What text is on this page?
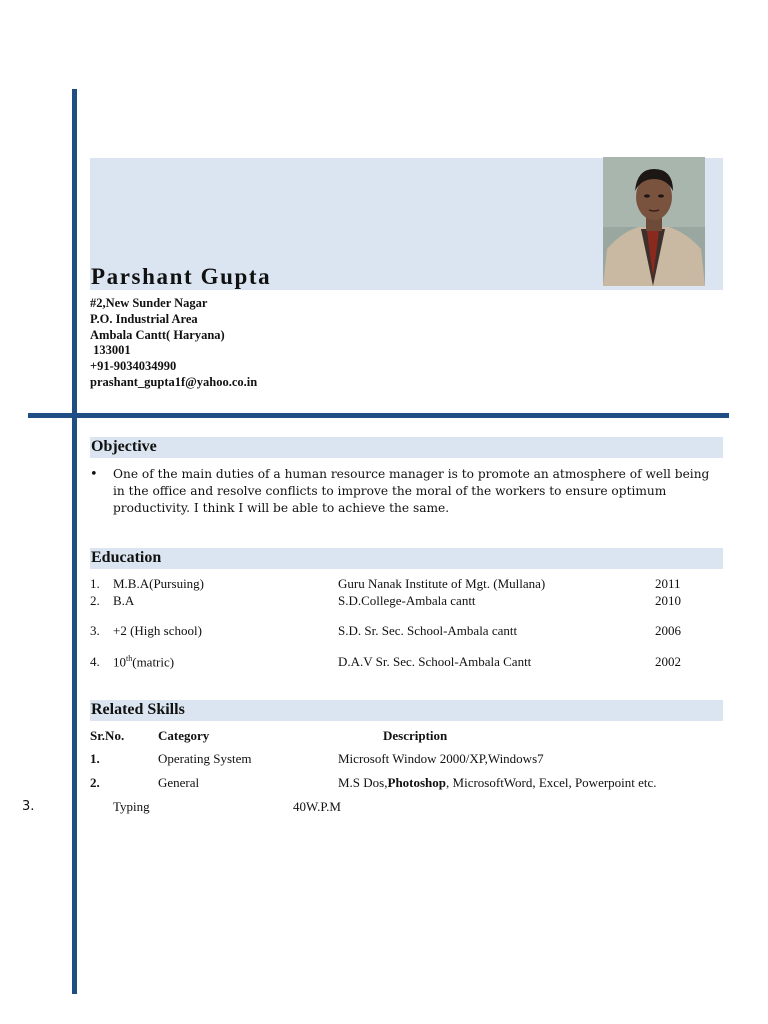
Parshant Gupta
#2,New Sunder Nagar
P.O. Industrial Area
Ambala Cantt( Haryana)
133001
+91-9034034990
prashant_gupta1f@yahoo.co.in
Objective
• One of the main duties of a human resource manager is to promote an atmosphere of well being in the office and resolve conflicts to improve the moral of the workers to ensure optimum productivity. I think I will be able to achieve the same.
Education
1. M.B.A(Pursuing)	Guru Nanak Institute of Mgt. (Mullana)	2011
2. B.A	S.D.College-Ambala cantt	2010
3. +2 (High school)	S.D. Sr. Sec. School-Ambala cantt	2006
4. 10th(matric)	D.A.V Sr. Sec. School-Ambala Cantt	2002
Related Skills
Sr.No.	Category	Description
1.	Operating System	Microsoft Window 2000/XP,Windows7
2.	General	M.S Dos,Photoshop, MicrosoftWord, Excel, Powerpoint etc.
3.	Typing	40W.P.M
